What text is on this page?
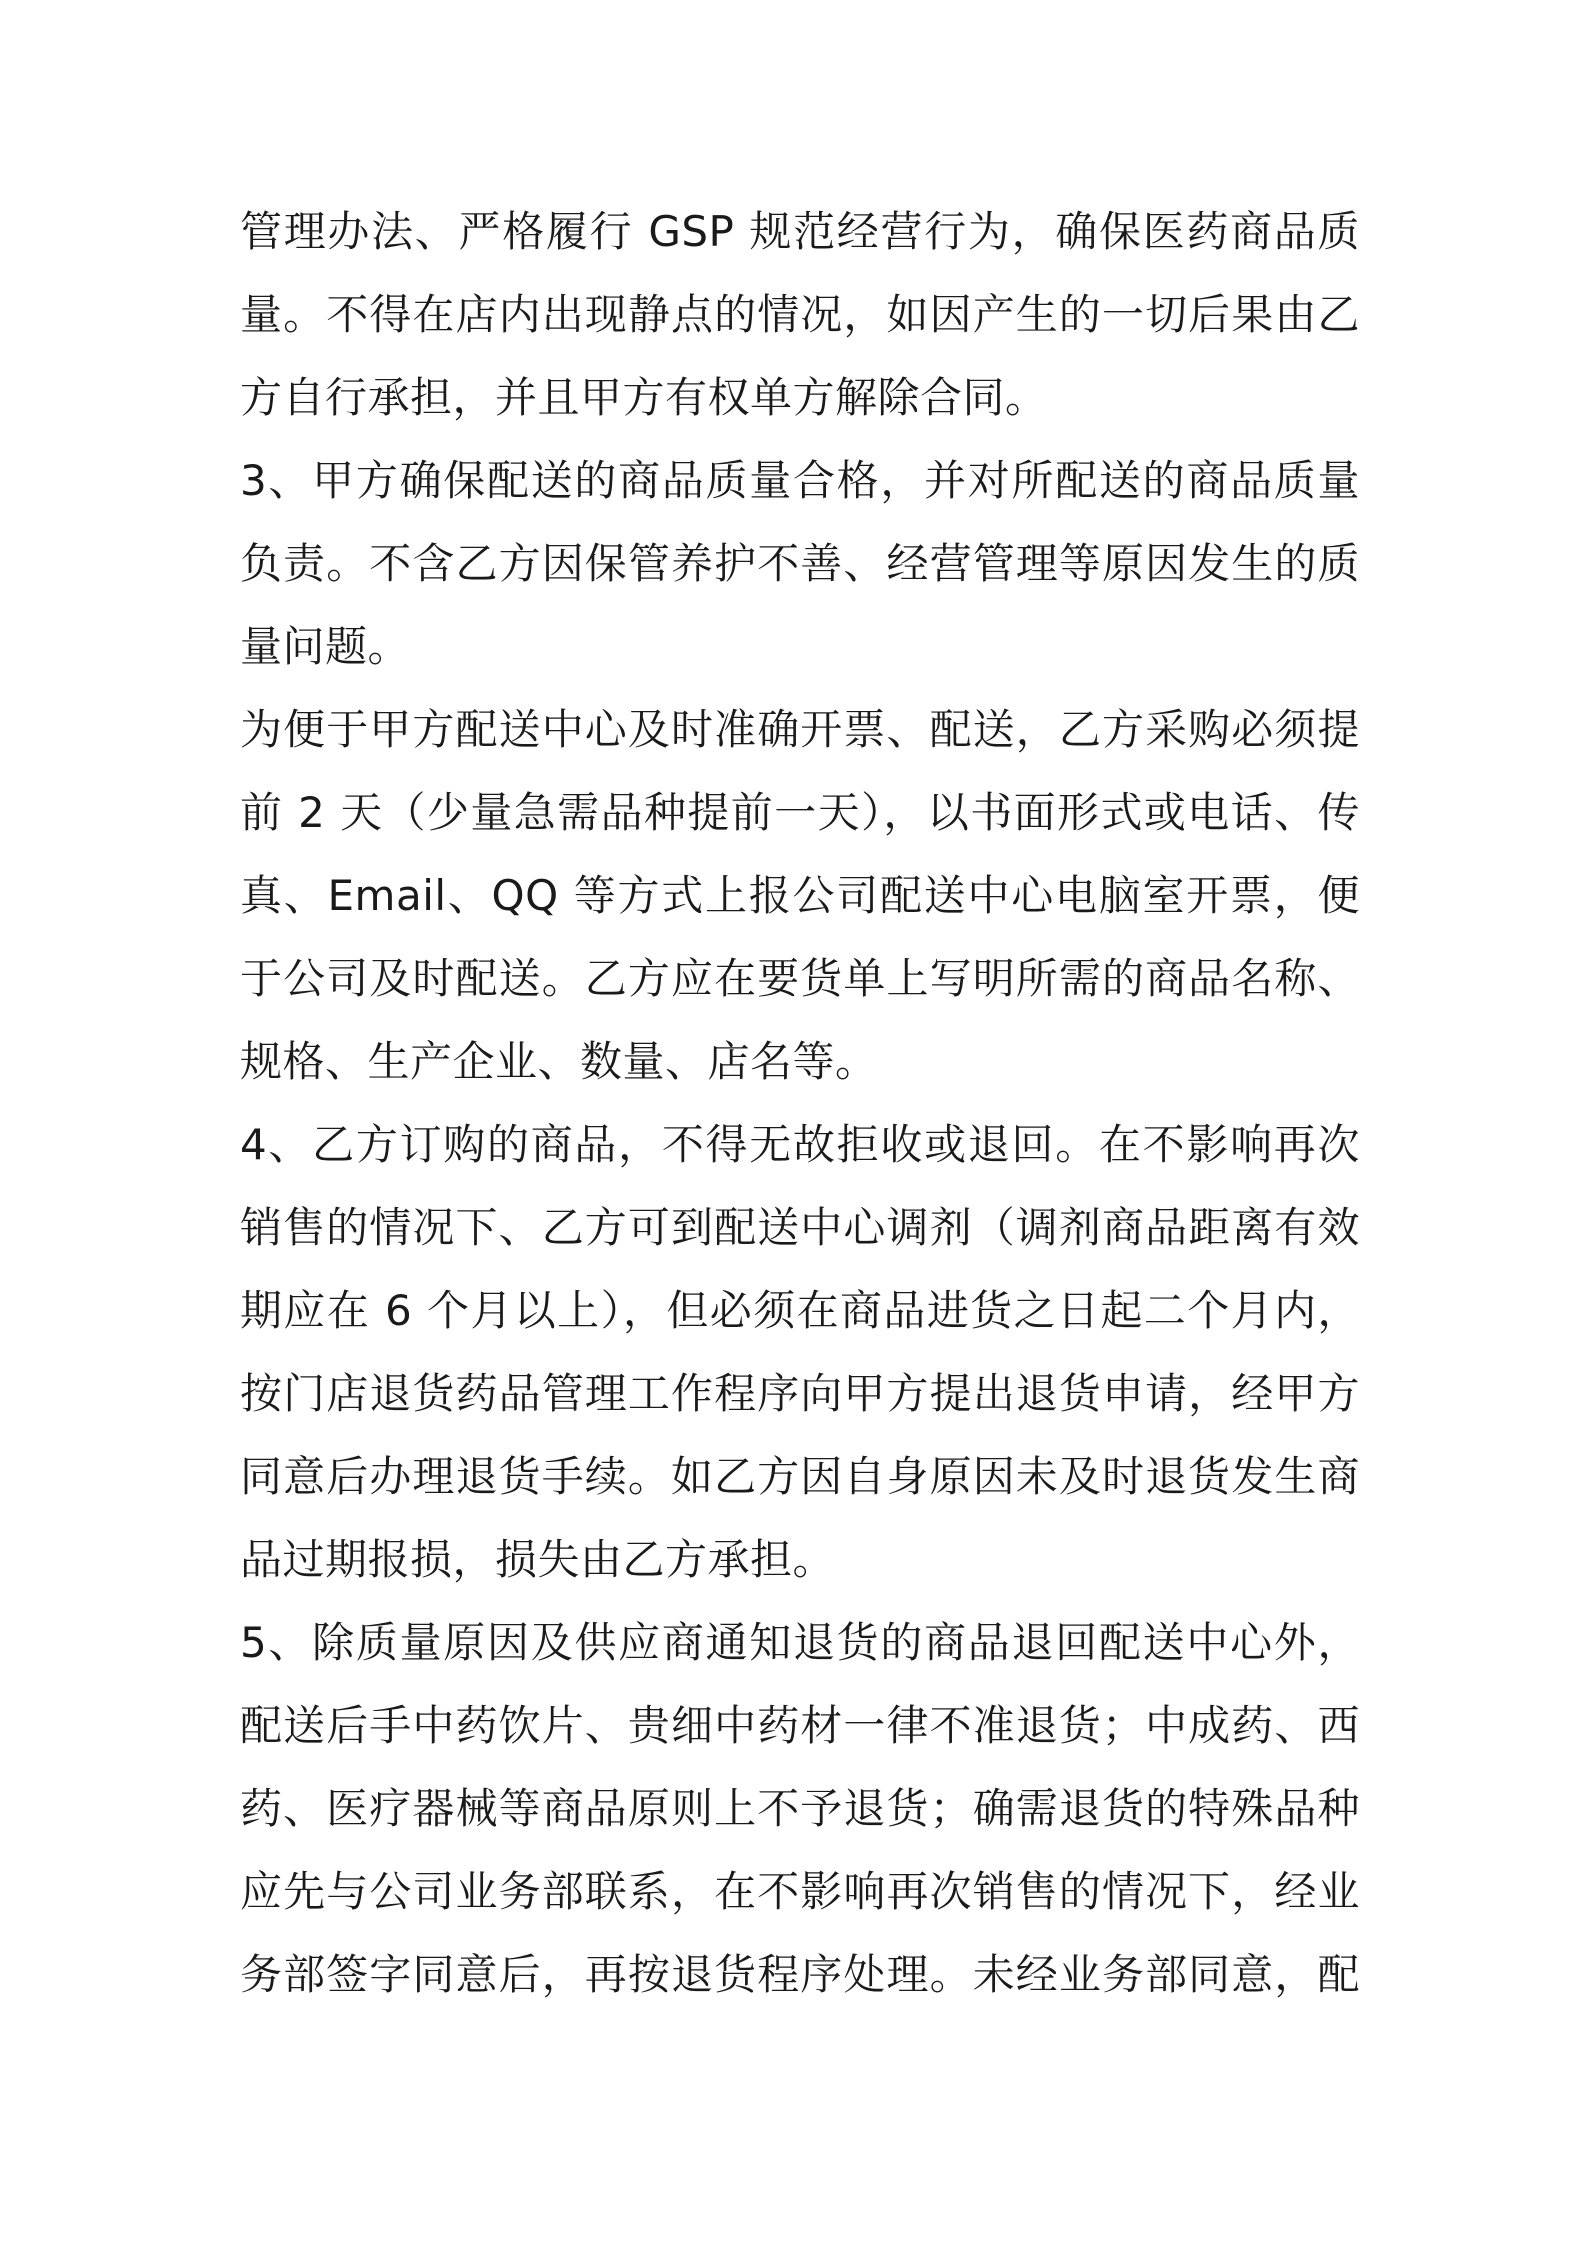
管理办法、严格履行 GSP 规范经营行为，确保医药商品质
量。不得在店内出现静点的情况，如因产生的一切后果由乙
方自行承担，并且甲方有权单方解除合同。
3、甲方确保配送的商品质量合格，并对所配送的商品质量
负责。不含乙方因保管养护不善、经营管理等原因发生的质
量问题。
为便于甲方配送中心及时准确开票、配送，乙方采购必须提
前 2 天（少量急需品种提前一天），以书面形式或电话、传
真、Email、QQ 等方式上报公司配送中心电脑室开票，便
于公司及时配送。乙方应在要货单上写明所需的商品名称、
规格、生产企业、数量、店名等。
4、乙方订购的商品，不得无故拒收或退回。在不影响再次
销售的情况下、乙方可到配送中心调剂（调剂商品距离有效
期应在 6 个月以上），但必须在商品进货之日起二个月内，
按门店退货药品管理工作程序向甲方提出退货申请，经甲方
同意后办理退货手续。如乙方因自身原因未及时退货发生商
品过期报损，损失由乙方承担。
5、除质量原因及供应商通知退货的商品退回配送中心外，
配送后手中药饮片、贵细中药材一律不准退货；中成药、西
药、医疗器械等商品原则上不予退货；确需退货的特殊品种
应先与公司业务部联系，在不影响再次销售的情况下，经业
务部签字同意后，再按退货程序处理。未经业务部同意，配
